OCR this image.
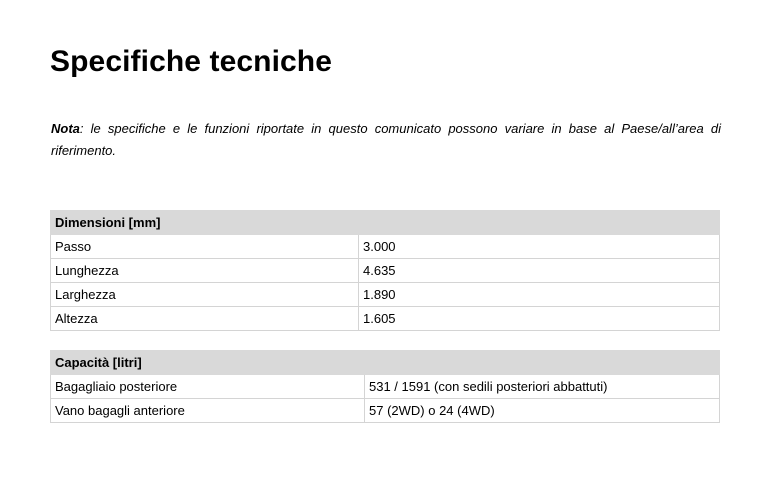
Specifiche tecniche

Nota: le specifiche e le funzioni riportate in questo comunicato possono variare in base al Paese/all’area di riferimento.

Dimensioni [mm]	
Passo	3.000
Lunghezza	4.635
Larghezza	1.890
Altezza	1.605
Capacità [litri]	
Bagagliaio posteriore	531 / 1591 (con sedili posteriori abbattuti)
Vano bagagli anteriore	57 (2WD) o 24 (4WD)
